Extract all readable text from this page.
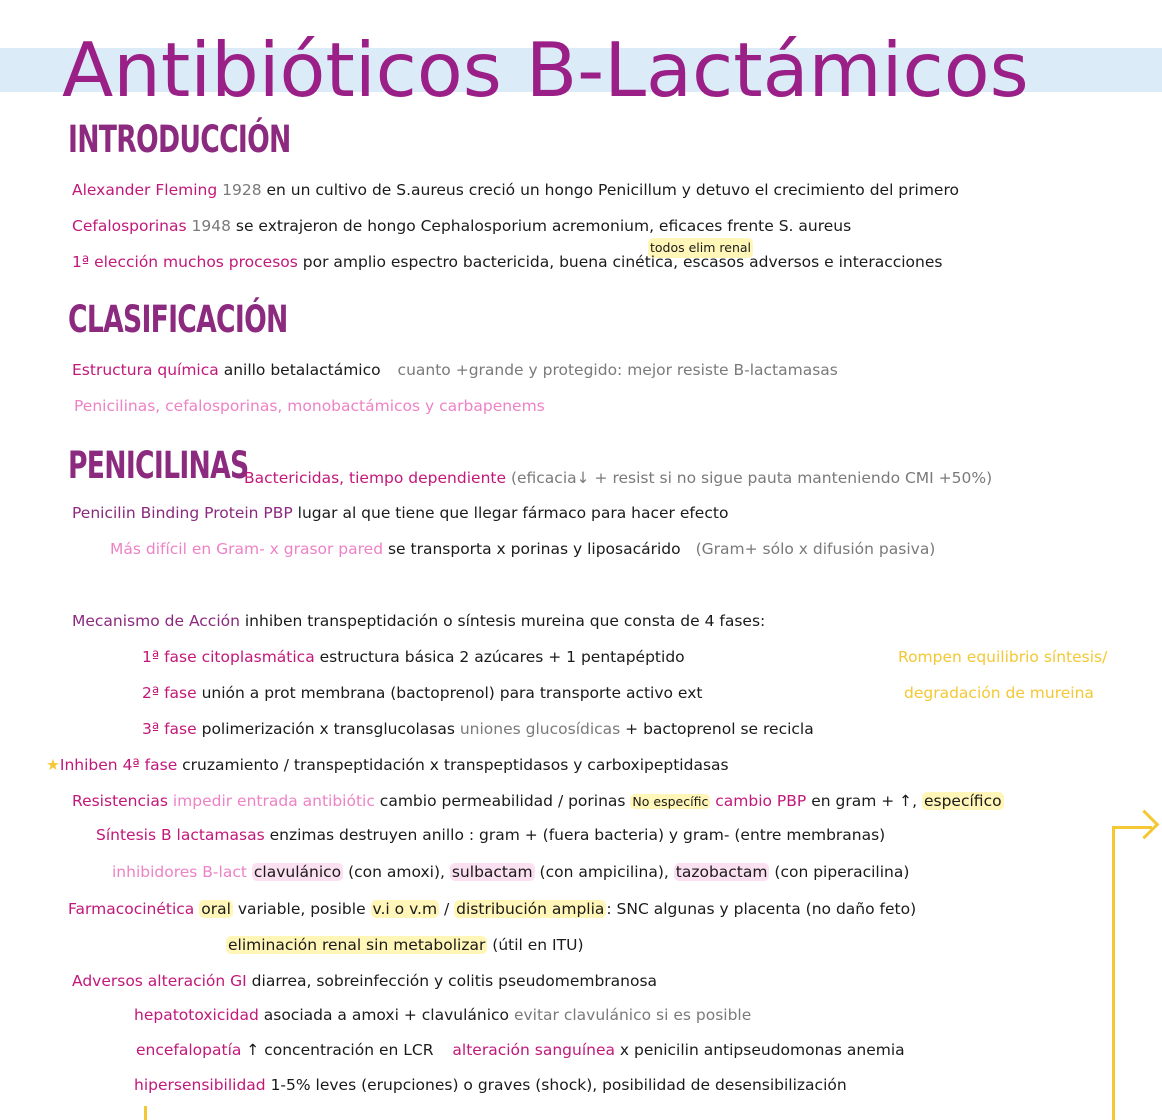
Antibióticos B-Lactámicos
INTRODUCCIÓN

Alexander Fleming 1928 en un cultivo de S.aureus creció un hongo Penicillum y detuvo el crecimiento del primero

Cefalosporinas 1948 se extrajeron de hongo Cephalosporium acremonium, eficaces frente S. aureus

todos elim renal

1ª elección muchos procesos por amplio espectro bactericida, buena cinética, escasos adversos e interacciones

CLASIFICACIÓN

Estructura química anillo betalactámico cuanto +grande y protegido: mejor resiste B-lactamasas

Penicilinas, cefalosporinas, monobactámicos y carbapenems

PENICILINAS

Bactericidas, tiempo dependiente (eficacia↓ + resist si no sigue pauta manteniendo CMI +50%)

Penicilin Binding Protein PBP lugar al que tiene que llegar fármaco para hacer efecto

Más difícil en Gram- x grasor pared se transporta x porinas y liposacárido (Gram+ sólo x difusión pasiva)

Mecanismo de Acción inhiben transpeptidación o síntesis mureina que consta de 4 fases:

1ª fase citoplasmática estructura básica 2 azúcares + 1 pentapéptido	Rompen equilibrio síntesis/

2ª fase unión a prot membrana (bactoprenol) para transporte activo ext	degradación de mureina

3ª fase polimerización x transglucolasas uniones glucosídicas + bactoprenol se recicla

★Inhiben 4ª fase cruzamiento / transpeptidación x transpeptidasos y carboxipeptidasas

Resistencias impedir entrada antibiótic cambio permeabilidad / porinas No específic cambio PBP en gram + ↑, específico

Síntesis B lactamasas enzimas destruyen anillo : gram + (fuera bacteria) y gram- (entre membranas)

inhibidores B-lact clavulánico (con amoxi), sulbactam (con ampicilina), tazobactam (con piperacilina)

Farmacocinética oral variable, posible v.i o v.m / distribución amplia : SNC algunas y placenta (no daño feto)

eliminación renal sin metabolizar (útil en ITU)

Adversos alteración GI diarrea, sobreinfección y colitis pseudomembranosa

hepatotoxicidad asociada a amoxi + clavulánico evitar clavulánico si es posible

encefalopatía ↑ concentración en LCR alteración sanguínea x penicilin antipseudomonas anemia

hipersensibilidad 1-5% leves (erupciones) o graves (shock), posibilidad de desensibilización
